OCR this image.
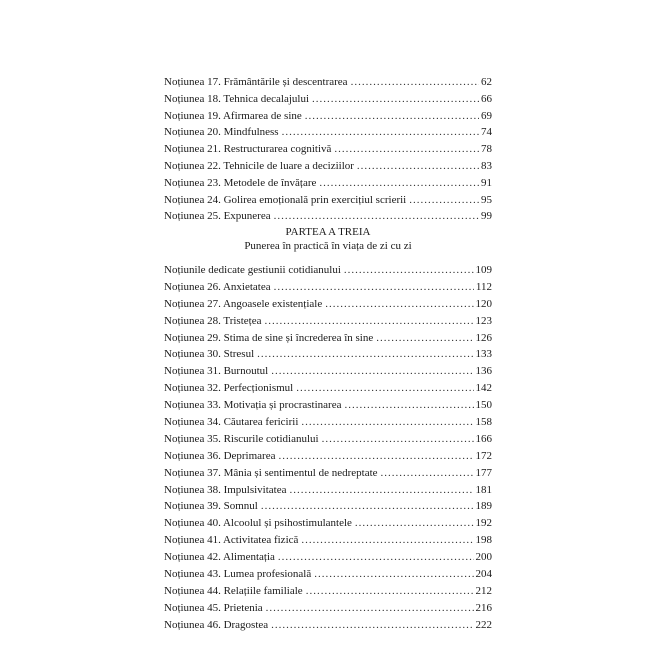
Noțiunea 17. Frământările și descentrarea .....	62
Noțiunea 18. Tehnica decalajului .....	66
Noțiunea 19. Afirmarea de sine .....	69
Noțiunea 20. Mindfulness .....	74
Noțiunea 21. Restructurarea cognitivă .....	78
Noțiunea 22. Tehnicile de luare a deciziilor .....	83
Noțiunea 23. Metodele de învățare .....	91
Noțiunea 24. Golirea emoțională prin exercițiul scrierii .....	95
Noțiunea 25. Expunerea .....	99
PARTEA A TREIA
Punerea în practică în viața de zi cu zi
Noțiunile dedicate gestiunii cotidianului .....	109
Noțiunea 26. Anxietatea .....	112
Noțiunea 27. Angoasele existențiale .....	120
Noțiunea 28. Tristețea .....	123
Noțiunea 29. Stima de sine și încrederea în sine .....	126
Noțiunea 30. Stresul .....	133
Noțiunea 31. Burnoutul .....	136
Noțiunea 32. Perfecționismul .....	142
Noțiunea 33. Motivația și procrastinarea .....	150
Noțiunea 34. Căutarea fericirii .....	158
Noțiunea 35. Riscurile cotidianului .....	166
Noțiunea 36. Deprimarea .....	172
Noțiunea 37. Mânia și sentimentul de nedreptate .....	177
Noțiunea 38. Impulsivitatea .....	181
Noțiunea 39. Somnul .....	189
Noțiunea 40. Alcoolul și psihostimulantele .....	192
Noțiunea 41. Activitatea fizică .....	198
Noțiunea 42. Alimentația .....	200
Noțiunea 43. Lumea profesională .....	204
Noțiunea 44. Relațiile familiale .....	212
Noțiunea 45. Prietenia .....	216
Noțiunea 46. Dragostea .....	222
